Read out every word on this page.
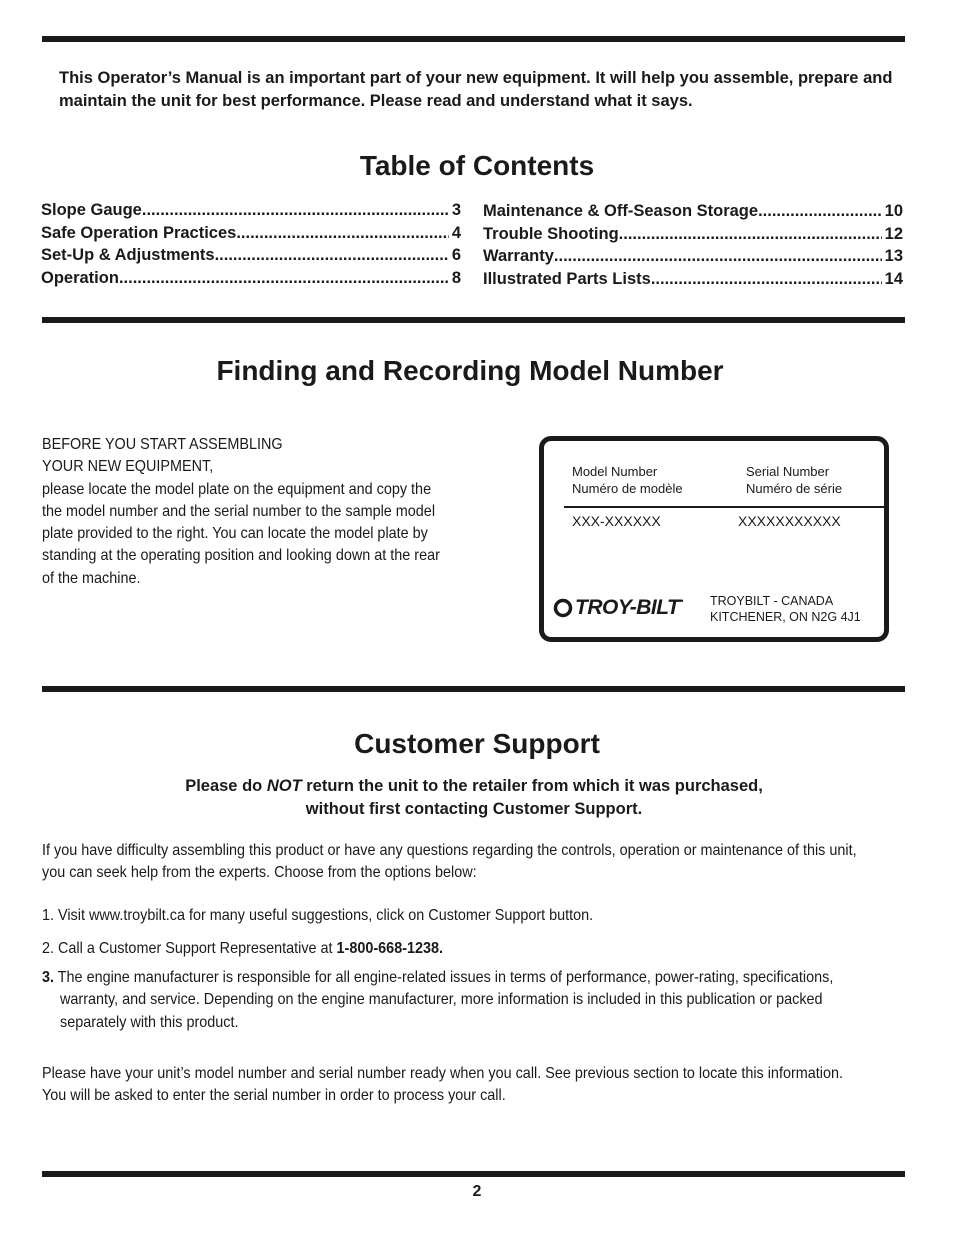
This Operator’s Manual is an important part of your new equipment. It will help you assemble, prepare and maintain the unit for best performance. Please read and understand what it says.
Table of Contents
Slope Gauge .....	3
Safe Operation Practices .....	4
Set-Up & Adjustments .....	6
Operation .....	8
Maintenance & Off-Season Storage .....	10
Trouble Shooting .....	12
Warranty .....	13
Illustrated Parts Lists .....	14
Finding and Recording Model Number
BEFORE YOU START ASSEMBLING
YOUR NEW EQUIPMENT,
please locate the model plate on the equipment and copy the
the model number and the serial number to the sample model
plate provided to the right. You can locate the model plate by
standing at the operating position and looking down at the rear
of the machine.
Model Number
Numéro de modèle
Serial Number
Numéro de série
XXX-XXXXXX	XXXXXXXXXXX
TROY-BILT • TROYBILT - CANADA
KITCHENER, ON N2G 4J1
Customer Support
Please do NOT return the unit to the retailer from which it was purchased,
without first contacting Customer Support.
If you have difficulty assembling this product or have any questions regarding the controls, operation or maintenance of this unit,
you can seek help from the experts. Choose from the options below:
1. Visit www.troybilt.ca for many useful suggestions, click on Customer Support button.
2. Call a Customer Support Representative at 1-800-668-1238.
3. The engine manufacturer is responsible for all engine-related issues in terms of performance, power-rating, specifications,
warranty, and service. Depending on the engine manufacturer, more information is included in this publication or packed
separately with this product.
Please have your unit’s model number and serial number ready when you call. See previous section to locate this information.
You will be asked to enter the serial number in order to process your call.
2
